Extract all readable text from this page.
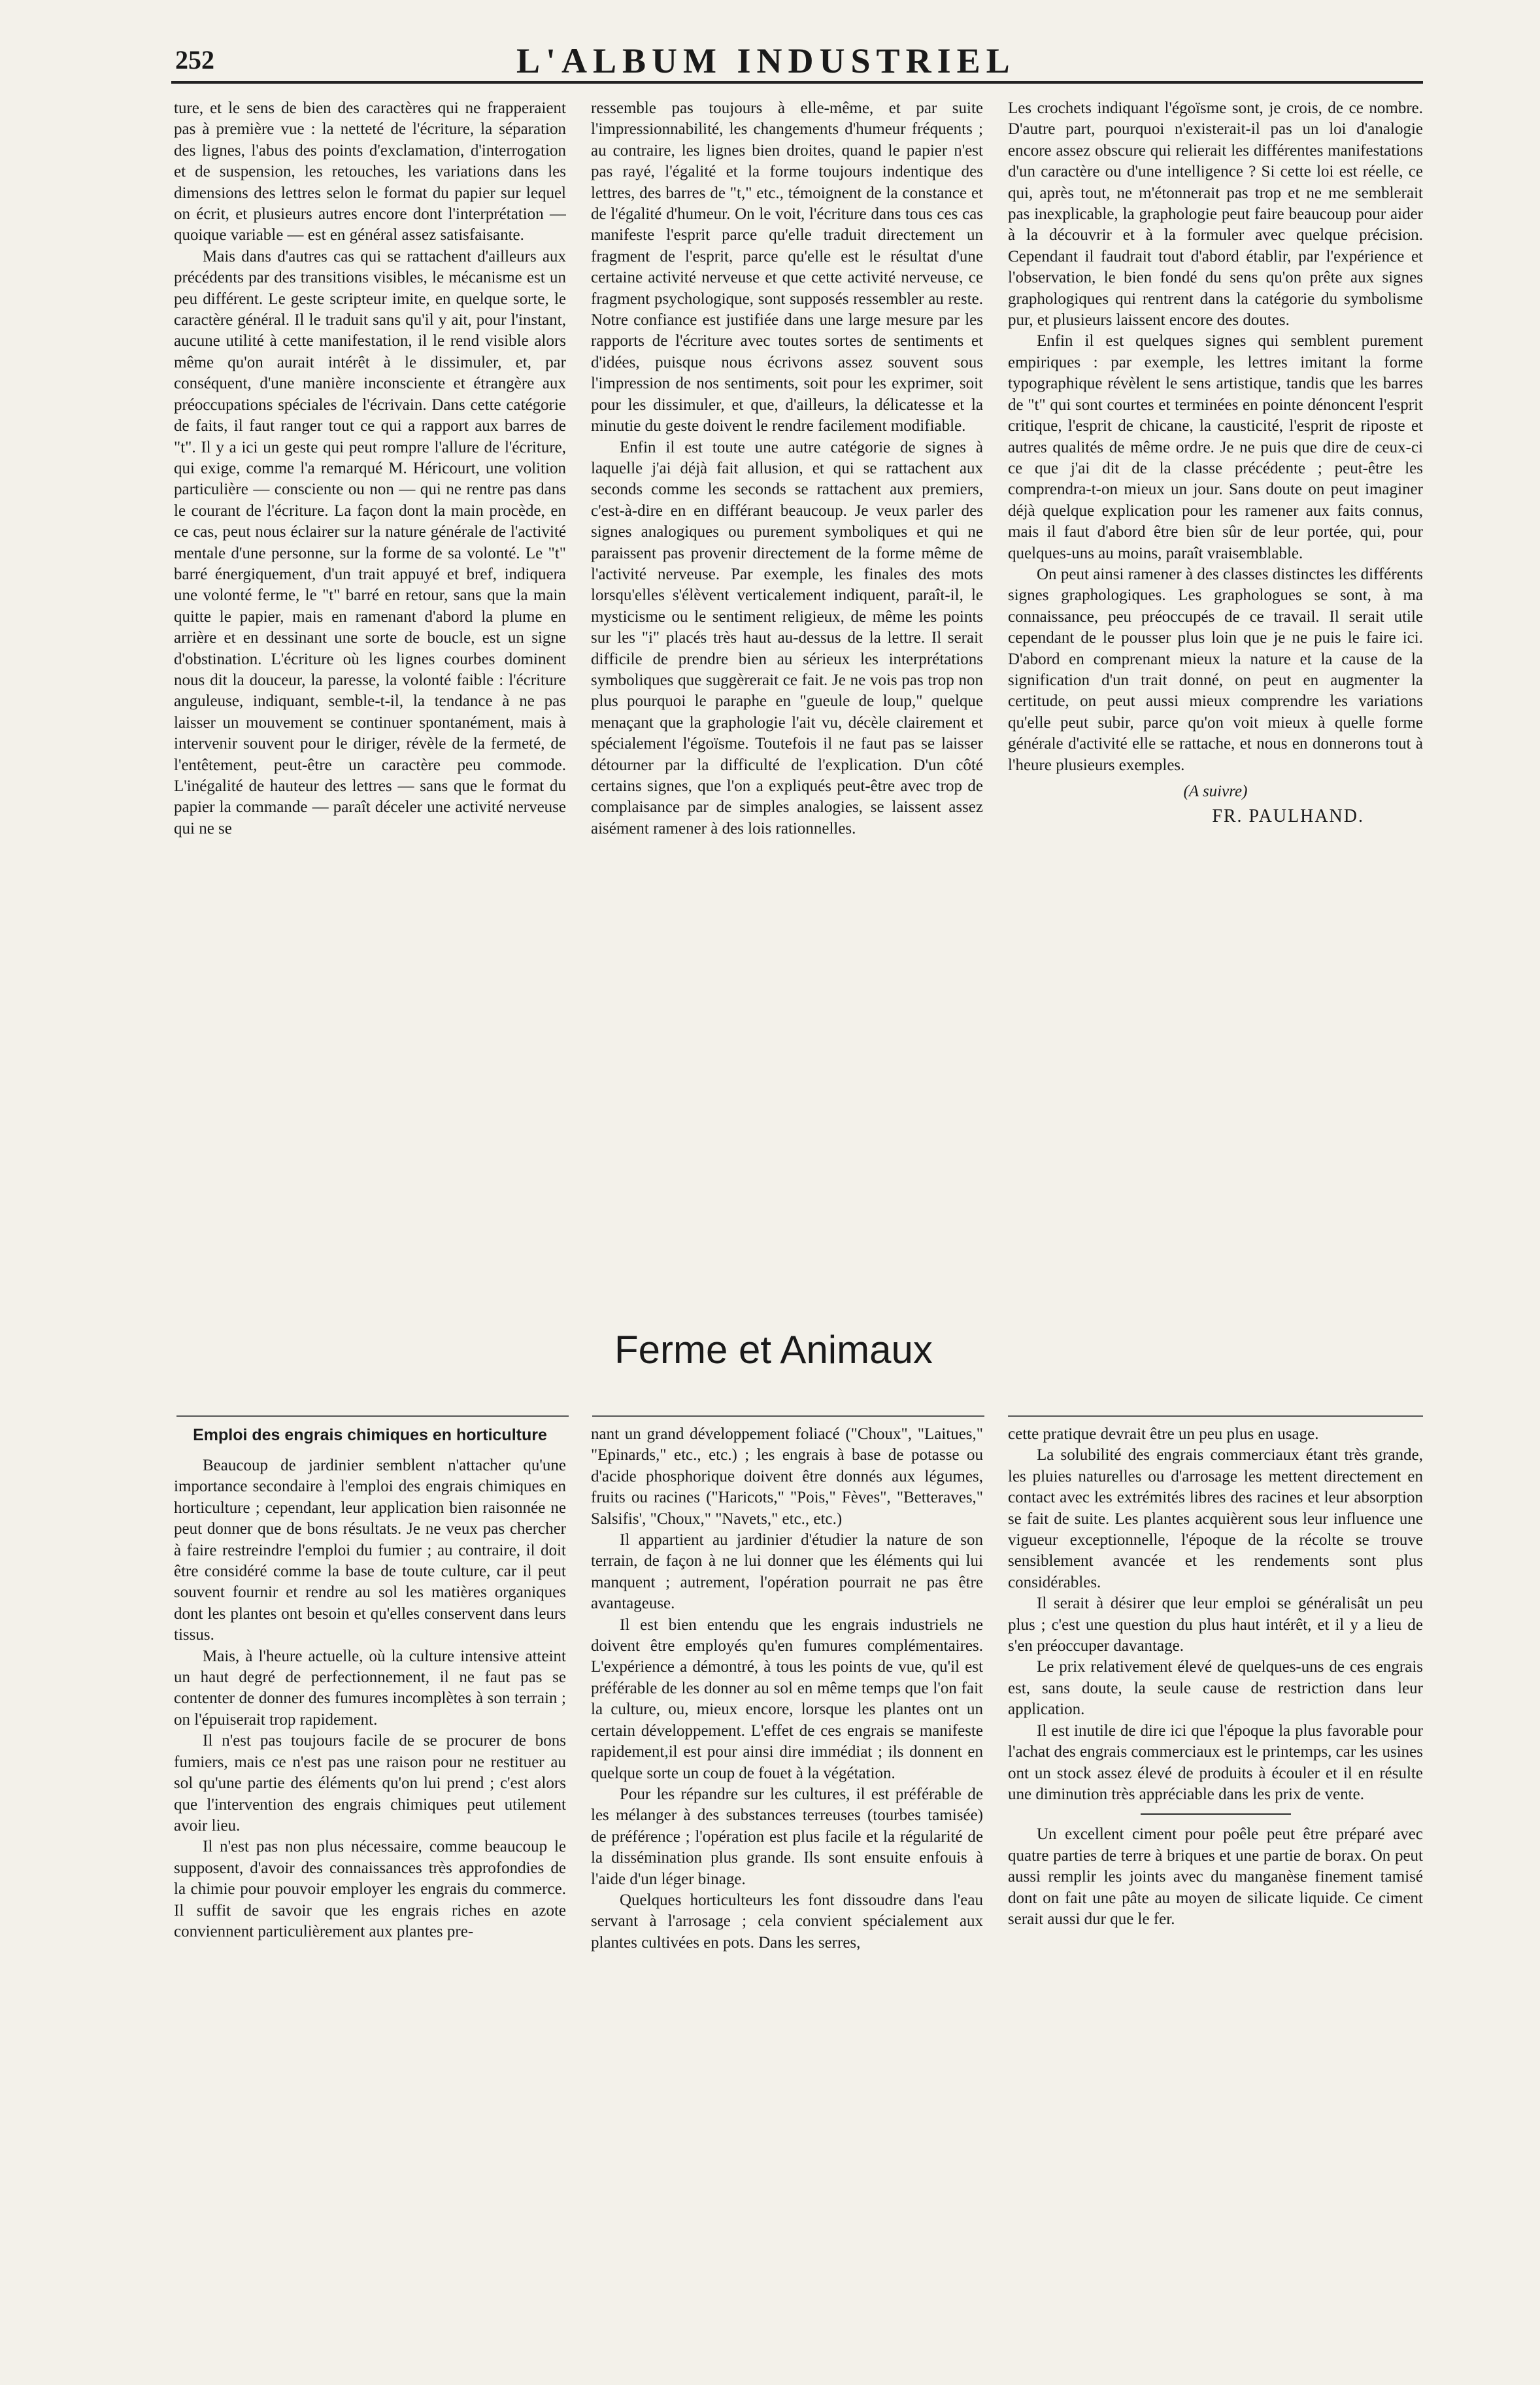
252	L'ALBUM INDUSTRIEL

ture, et le sens de bien des caractères qui ne frapperaient pas à première vue : la netteté de l'écriture, la séparation des lignes, l'abus des points d'exclamation, d'interrogation et de suspension, les retouches, les variations dans les dimensions des lettres selon le format du papier sur lequel on écrit, et plusieurs autres encore dont l'interprétation — quoique variable — est en général assez satisfaisante.

Mais dans d'autres cas qui se rattachent d'ailleurs aux précédents par des transitions visibles, le mécanisme est un peu différent. Le geste scripteur imite, en quelque sorte, le caractère général. Il le traduit sans qu'il y ait, pour l'instant, aucune utilité à cette manifestation, il le rend visible alors même qu'on aurait intérêt à le dissimuler, et, par conséquent, d'une manière inconsciente et étrangère aux préoccupations spéciales de l'écrivain. Dans cette catégorie de faits, il faut ranger tout ce qui a rapport aux barres de "t". Il y a ici un geste qui peut rompre l'allure de l'écriture, qui exige, comme l'a remarqué M. Héricourt, une volition particulière — consciente ou non — qui ne rentre pas dans le courant de l'écriture. La façon dont la main procède, en ce cas, peut nous éclairer sur la nature générale de l'activité mentale d'une personne, sur la forme de sa volonté. Le "t" barré énergiquement, d'un trait appuyé et bref, indiquera une volonté ferme, le "t" barré en retour, sans que la main quitte le papier, mais en ramenant d'abord la plume en arrière et en dessinant une sorte de boucle, est un signe d'obstination. L'écriture où les lignes courbes dominent nous dit la douceur, la paresse, la volonté faible : l'écriture anguleuse, indiquant, semble-t-il, la tendance à ne pas laisser un mouvement se continuer spontanément, mais à intervenir souvent pour le diriger, révèle de la fermeté, de l'entêtement, peut-être un caractère peu commode. L'inégalité de hauteur des lettres — sans que le format du papier la commande — paraît déceler une activité nerveuse qui ne se

ressemble pas toujours à elle-même, et par suite l'impressionnabilité, les changements d'humeur fréquents ; au contraire, les lignes bien droites, quand le papier n'est pas rayé, l'égalité et la forme toujours indentique des lettres, des barres de "t," etc., témoignent de la constance et de l'égalité d'humeur. On le voit, l'écriture dans tous ces cas manifeste l'esprit parce qu'elle traduit directement un fragment de l'esprit, parce qu'elle est le résultat d'une certaine activité nerveuse et que cette activité nerveuse, ce fragment psychologique, sont supposés ressembler au reste. Notre confiance est justifiée dans une large mesure par les rapports de l'écriture avec toutes sortes de sentiments et d'idées, puisque nous écrivons assez souvent sous l'impression de nos sentiments, soit pour les exprimer, soit pour les dissimuler, et que, d'ailleurs, la délicatesse et la minutie du geste doivent le rendre facilement modifiable.

Enfin il est toute une autre catégorie de signes à laquelle j'ai déjà fait allusion, et qui se rattachent aux seconds comme les seconds se rattachent aux premiers, c'est-à-dire en en différant beaucoup. Je veux parler des signes analogiques ou purement symboliques et qui ne paraissent pas provenir directement de la forme même de l'activité nerveuse. Par exemple, les finales des mots lorsqu'elles s'élèvent verticalement indiquent, paraît-il, le mysticisme ou le sentiment religieux, de même les points sur les "i" placés très haut au-dessus de la lettre. Il serait difficile de prendre bien au sérieux les interprétations symboliques que suggèrerait ce fait. Je ne vois pas trop non plus pourquoi le paraphe en "gueule de loup," quelque menaçant que la graphologie l'ait vu, décèle clairement et spécialement l'égoïsme. Toutefois il ne faut pas se laisser détourner par la difficulté de l'explication. D'un côté certains signes, que l'on a expliqués peut-être avec trop de complaisance par de simples analogies, se laissent assez aisément ramener à des lois rationnelles.

Les crochets indiquant l'égoïsme sont, je crois, de ce nombre. D'autre part, pourquoi n'existerait-il pas un loi d'analogie encore assez obscure qui relierait les différentes manifestations d'un caractère ou d'une intelligence ? Si cette loi est réelle, ce qui, après tout, ne m'étonnerait pas trop et ne me semblerait pas inexplicable, la graphologie peut faire beaucoup pour aider à la découvrir et à la formuler avec quelque précision. Cependant il faudrait tout d'abord établir, par l'expérience et l'observation, le bien fondé du sens qu'on prête aux signes graphologiques qui rentrent dans la catégorie du symbolisme pur, et plusieurs laissent encore des doutes.

Enfin il est quelques signes qui semblent purement empiriques : par exemple, les lettres imitant la forme typographique révèlent le sens artistique, tandis que les barres de "t" qui sont courtes et terminées en pointe dénoncent l'esprit critique, l'esprit de chicane, la causticité, l'esprit de riposte et autres qualités de même ordre. Je ne puis que dire de ceux-ci ce que j'ai dit de la classe précédente ; peut-être les comprendra-t-on mieux un jour. Sans doute on peut imaginer déjà quelque explication pour les ramener aux faits connus, mais il faut d'abord être bien sûr de leur portée, qui, pour quelques-uns au moins, paraît vraisemblable.

On peut ainsi ramener à des classes distinctes les différents signes graphologiques. Les graphologues se sont, à ma connaissance, peu préoccupés de ce travail. Il serait utile cependant de le pousser plus loin que je ne puis le faire ici. D'abord en comprenant mieux la nature et la cause de la signification d'un trait donné, on peut en augmenter la certitude, on peut aussi mieux comprendre les variations qu'elle peut subir, parce qu'on voit mieux à quelle forme générale d'activité elle se rattache, et nous en donnerons tout à l'heure plusieurs exemples.

(A suivre)

FR. PAULHAND.

Ferme et Animaux
Emploi des engrais chimiques en horticulture

Beaucoup de jardinier semblent n'attacher qu'une importance secondaire à l'emploi des engrais chimiques en horticulture ; cependant, leur application bien raisonnée ne peut donner que de bons résultats. Je ne veux pas chercher à faire restreindre l'emploi du fumier ; au contraire, il doit être considéré comme la base de toute culture, car il peut souvent fournir et rendre au sol les matières organiques dont les plantes ont besoin et qu'elles conservent dans leurs tissus.

Mais, à l'heure actuelle, où la culture intensive atteint un haut degré de perfectionnement, il ne faut pas se contenter de donner des fumures incomplètes à son terrain ; on l'épuiserait trop rapidement.

Il n'est pas toujours facile de se procurer de bons fumiers, mais ce n'est pas une raison pour ne restituer au sol qu'une partie des éléments qu'on lui prend ; c'est alors que l'intervention des engrais chimiques peut utilement avoir lieu.

Il n'est pas non plus nécessaire, comme beaucoup le supposent, d'avoir des connaissances très approfondies de la chimie pour pouvoir employer les engrais du commerce. Il suffit de savoir que les engrais riches en azote conviennent particulièrement aux plantes pre-

nant un grand développement foliacé ("Choux", "Laitues," "Epinards," etc., etc.) ; les engrais à base de potasse ou d'acide phosphorique doivent être donnés aux légumes, fruits ou racines ("Haricots," "Pois," Fèves", "Betteraves," Salsifis', "Choux," "Navets," etc., etc.)

Il appartient au jardinier d'étudier la nature de son terrain, de façon à ne lui donner que les éléments qui lui manquent ; autrement, l'opération pourrait ne pas être avantageuse.

Il est bien entendu que les engrais industriels ne doivent être employés qu'en fumures complémentaires. L'expérience a démontré, à tous les points de vue, qu'il est préférable de les donner au sol en même temps que l'on fait la culture, ou, mieux encore, lorsque les plantes ont un certain développement. L'effet de ces engrais se manifeste rapidement,il est pour ainsi dire immédiat ; ils donnent en quelque sorte un coup de fouet à la végétation.

Pour les répandre sur les cultures, il est préférable de les mélanger à des substances terreuses (tourbes tamisée) de préférence ; l'opération est plus facile et la régularité de la dissémination plus grande. Ils sont ensuite enfouis à l'aide d'un léger binage.

Quelques horticulteurs les font dissoudre dans l'eau servant à l'arrosage ; cela convient spécialement aux plantes cultivées en pots. Dans les serres,

cette pratique devrait être un peu plus en usage.

La solubilité des engrais commerciaux étant très grande, les pluies naturelles ou d'arrosage les mettent directement en contact avec les extrémités libres des racines et leur absorption se fait de suite. Les plantes acquièrent sous leur influence une vigueur exceptionnelle, l'époque de la récolte se trouve sensiblement avancée et les rendements sont plus considérables.

Il serait à désirer que leur emploi se généralisât un peu plus ; c'est une question du plus haut intérêt, et il y a lieu de s'en préoccuper davantage.

Le prix relativement élevé de quelques-uns de ces engrais est, sans doute, la seule cause de restriction dans leur application.

Il est inutile de dire ici que l'époque la plus favorable pour l'achat des engrais commerciaux est le printemps, car les usines ont un stock assez élevé de produits à écouler et il en résulte une diminution très appréciable dans les prix de vente.

Un excellent ciment pour poêle peut être préparé avec quatre parties de terre à briques et une partie de borax. On peut aussi remplir les joints avec du manganèse finement tamisé dont on fait une pâte au moyen de silicate liquide. Ce ciment serait aussi dur que le fer.
